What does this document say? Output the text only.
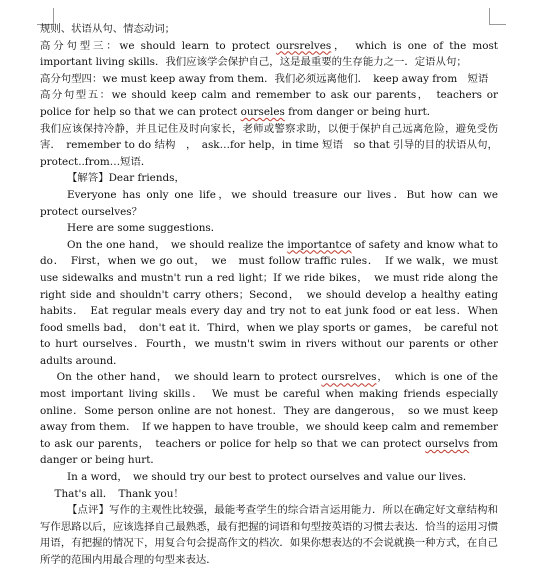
规则、状语从句、情态动词；

高分句型三：we should learn to protect oursrelves，　which is one of the most important living skills．我们应该学会保护自己，这是最重要的生存能力之一．定语从句；

高分句型四：we must keep away from them．我们必须远离他们．　keep away from　短语

高分句型五：we should keep calm and remember to ask our parents，　teachers or police for help so that we can protect ourseles from danger or being hurt．

我们应该保持冷静，并且记住及时向家长，老师或警察求助，以便于保护自己远离危险，避免受伤害．　remember to do 结构　，　ask…for help，in time 短语　so that 引导的目的状语从句，protect..from…短语．

【解答】Dear friends，

Everyone has only one life，we should treasure our lives．But how can we protect ourselves？

Here are some suggestions．

On the one hand，　we should realize the importantce of safety and know what to do．　First，when we go out，　we　must follow traffic rules．　If we walk，we must use sidewalks and mustn't run a red light；If we ride bikes，　we must ride along the right side and shouldn't carry others；Second，　we should develop a healthy eating habits．　Eat regular meals every day and try not to eat junk food or eat less．When food smells bad，　don't eat it．Third，when we play sports or games，　be careful not to hurt ourselves．Fourth，we mustn't swim in rivers without our parents or other adults around．

On the other hand，　we should learn to protect oursrelves，　which is one of the most important living skills．　We must be careful when making friends especially online．Some person online are not honest．They are dangerous，　so we must keep away from them．　If we happen to have trouble，we should keep calm and remember to ask our parents，　teachers or police for help so that we can protect ourselvs from danger or being hurt．

In a word，　we should try our best to protect ourselves and value our lives．

That's all．　Thank you！

【点评】写作的主观性比较强，最能考查学生的综合语言运用能力．所以在确定好文章结构和写作思路以后，应该选择自己最熟悉，最有把握的词语和句型按英语的习惯去表达．恰当的运用习惯用语，有把握的情况下，用复合句会提高作文的档次．如果你想表达的不会说就换一种方式，在自己所学的范围内用最合理的句型来表达．
